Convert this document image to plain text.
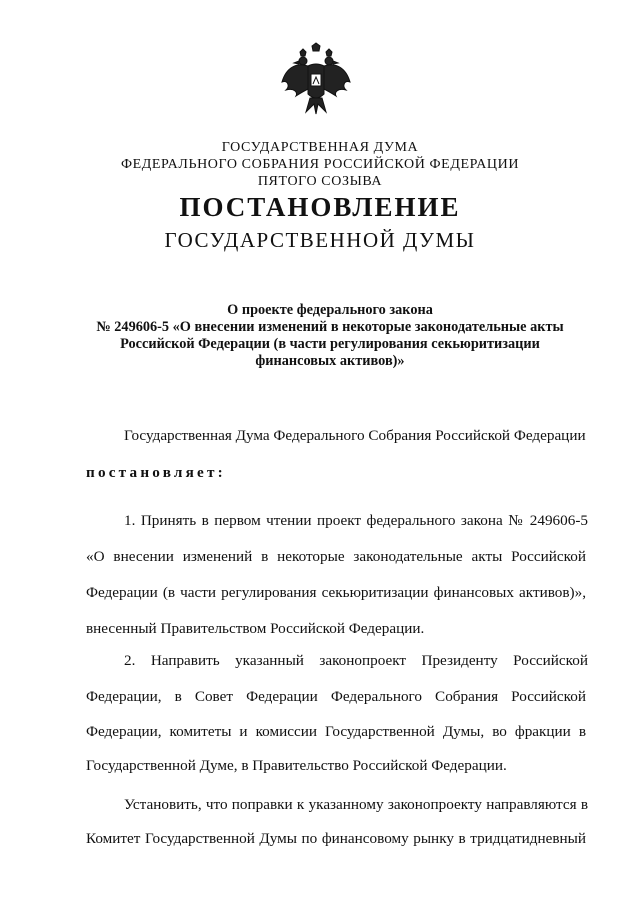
ГОСУДАРСТВЕННАЯ ДУМА
ФЕДЕРАЛЬНОГО СОБРАНИЯ РОССИЙСКОЙ ФЕДЕРАЦИИ
ПЯТОГО СОЗЫВА
ПОСТАНОВЛЕНИЕ
ГОСУДАРСТВЕННОЙ ДУМЫ
О проекте федерального закона
№ 249606-5 «О внесении изменений в некоторые законодательные акты
Российской Федерации (в части регулирования секьюритизации
финансовых активов)»
Государственная Дума Федерального Собрания Российской Федерации
постановляет:
1. Принять в первом чтении проект федерального закона № 249606-5
«О внесении изменений в некоторые законодательные акты Российской
Федерации (в части регулирования секьюритизации финансовых активов)»,
внесенный Правительством Российской Федерации.
2. Направить указанный законопроект Президенту Российской
Федерации, в Совет Федерации Федерального Собрания Российской
Федерации, комитеты и комиссии Государственной Думы, во фракции в
Государственной Думе, в Правительство Российской Федерации.
Установить, что поправки к указанному законопроекту направляются в
Комитет Государственной Думы по финансовому рынку в тридцатидневный
